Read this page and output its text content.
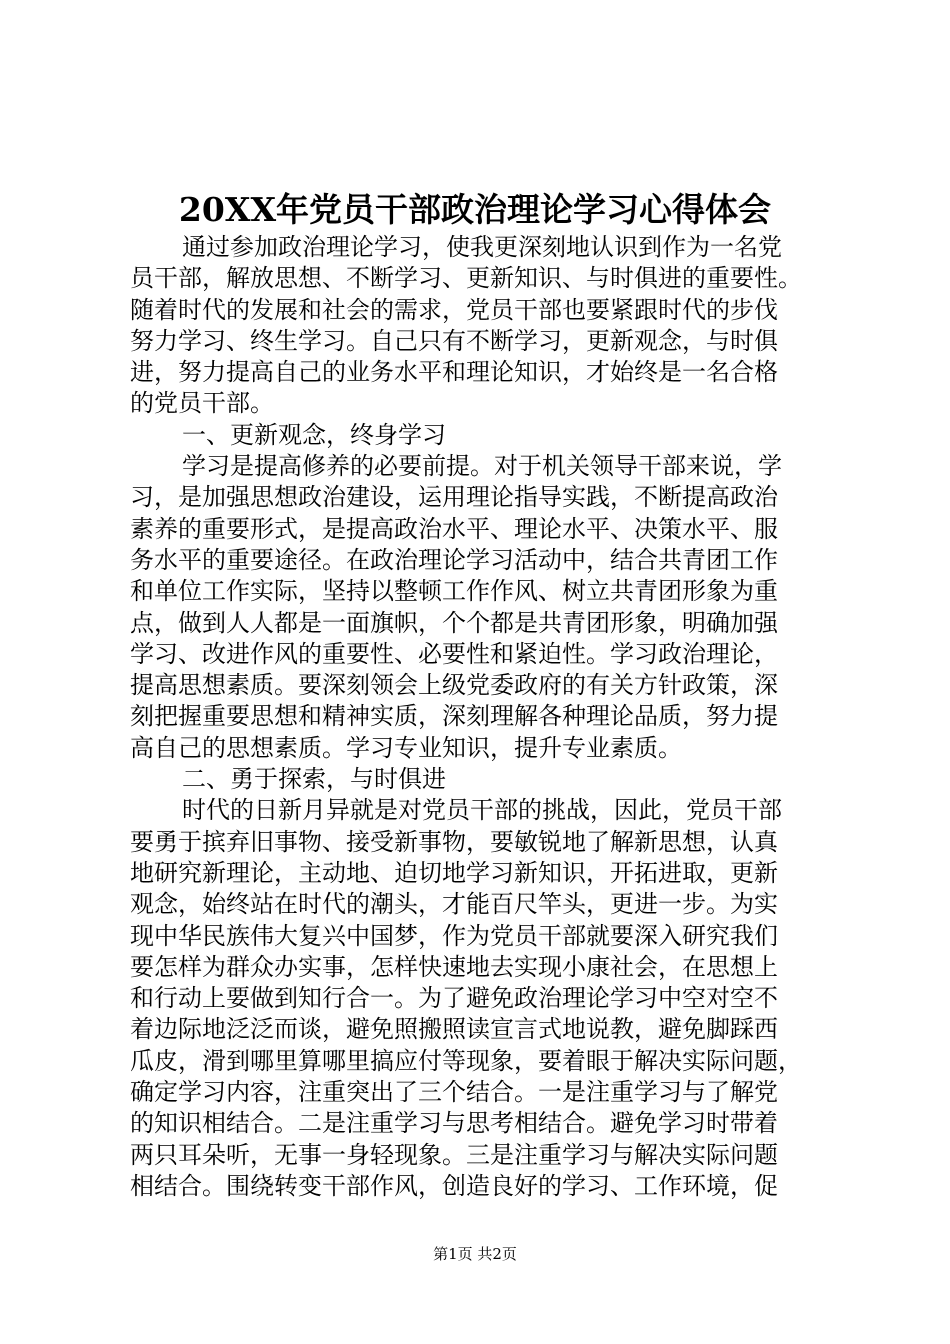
20XX年党员干部政治理论学习心得体会
通过参加政治理论学习，使我更深刻地认识到作为一名党
员干部，解放思想、不断学习、更新知识、与时俱进的重要性。
随着时代的发展和社会的需求，党员干部也要紧跟时代的步伐
努力学习、终生学习。自己只有不断学习，更新观念，与时俱
进，努力提高自己的业务水平和理论知识，才始终是一名合格
的党员干部。
一、更新观念，终身学习
学习是提高修养的必要前提。对于机关领导干部来说，学
习，是加强思想政治建设，运用理论指导实践，不断提高政治
素养的重要形式，是提高政治水平、理论水平、决策水平、服
务水平的重要途径。在政治理论学习活动中，结合共青团工作
和单位工作实际，坚持以整顿工作作风、树立共青团形象为重
点，做到人人都是一面旗帜，个个都是共青团形象，明确加强
学习、改进作风的重要性、必要性和紧迫性。学习政治理论，
提高思想素质。要深刻领会上级党委政府的有关方针政策，深
刻把握重要思想和精神实质，深刻理解各种理论品质，努力提
高自己的思想素质。学习专业知识，提升专业素质。
二、勇于探索，与时俱进
时代的日新月异就是对党员干部的挑战，因此，党员干部
要勇于摈弃旧事物、接受新事物，要敏锐地了解新思想，认真
地研究新理论，主动地、迫切地学习新知识，开拓进取，更新
观念，始终站在时代的潮头，才能百尺竿头，更进一步。为实
现中华民族伟大复兴中国梦，作为党员干部就要深入研究我们
要怎样为群众办实事，怎样快速地去实现小康社会，在思想上
和行动上要做到知行合一。为了避免政治理论学习中空对空不
着边际地泛泛而谈，避免照搬照读宣言式地说教，避免脚踩西
瓜皮，滑到哪里算哪里搞应付等现象，要着眼于解决实际问题，
确定学习内容，注重突出了三个结合。一是注重学习与了解党
的知识相结合。二是注重学习与思考相结合。避免学习时带着
两只耳朵听，无事一身轻现象。三是注重学习与解决实际问题
相结合。围绕转变干部作风，创造良好的学习、工作环境，促
第1页 共2页
